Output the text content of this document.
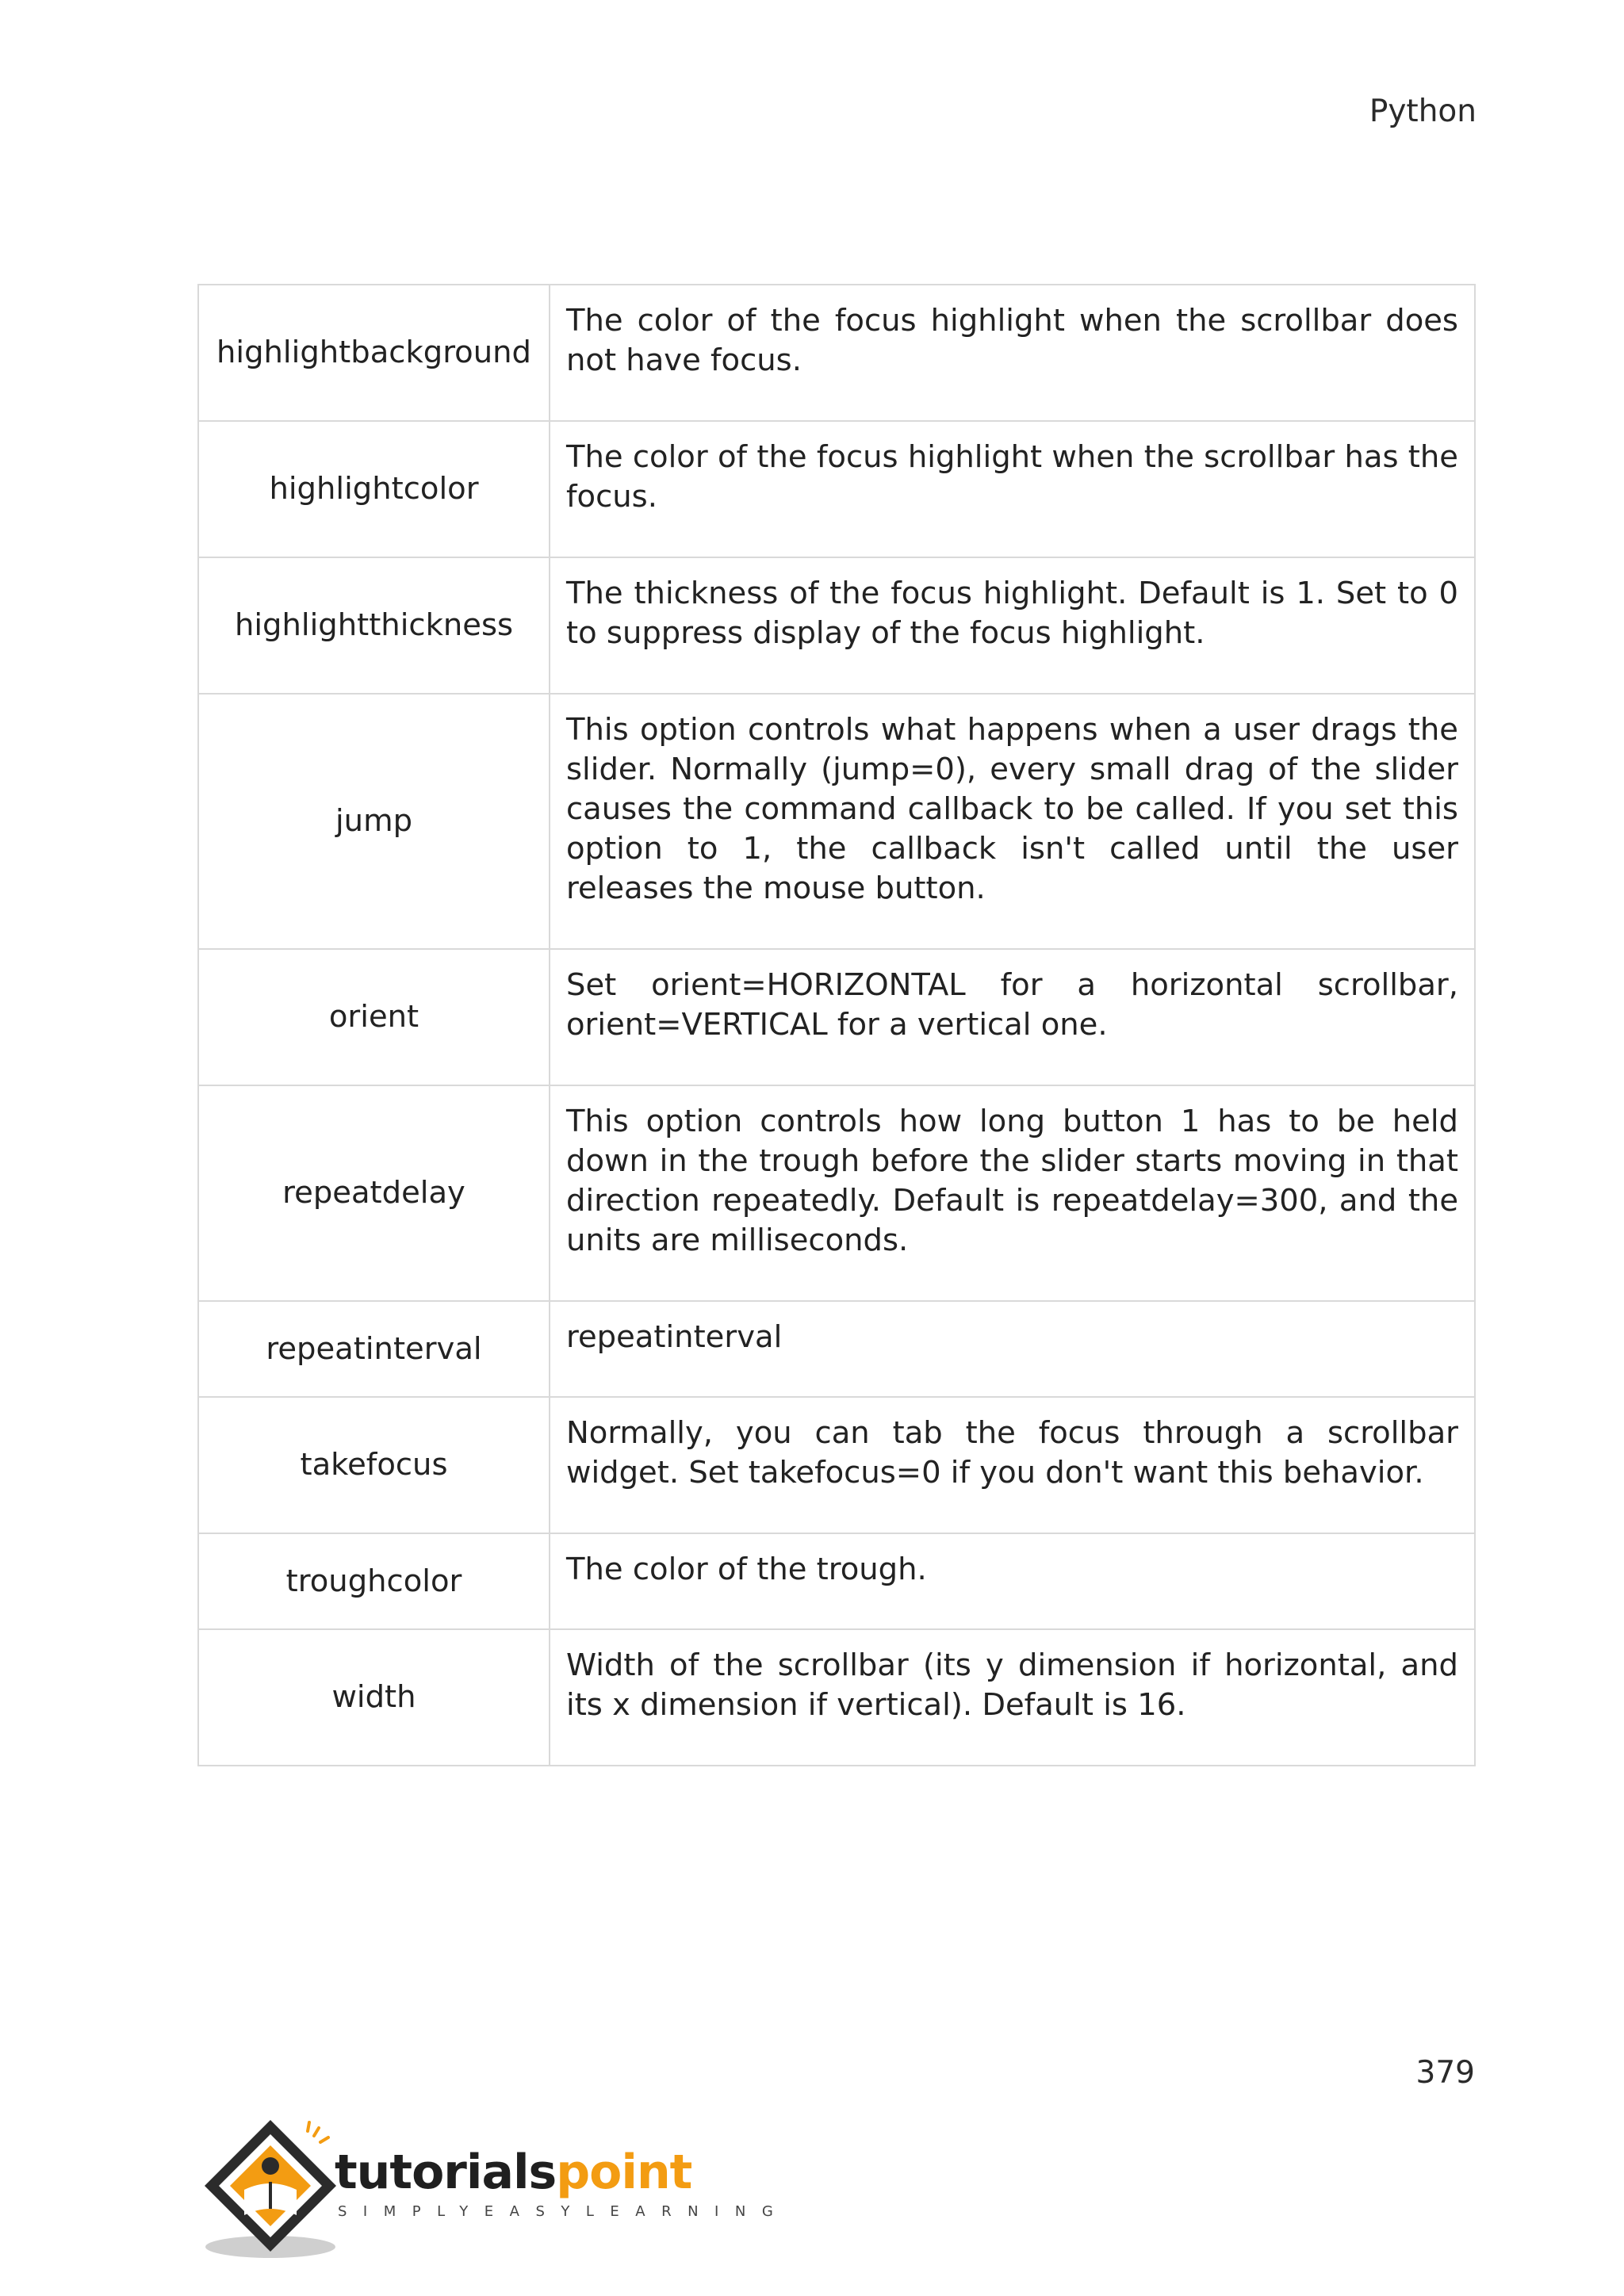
Python
highlightbackground	The color of the focus highlight when the scrollbar does not have focus.
highlightcolor	The color of the focus highlight when the scrollbar has the focus.
highlightthickness	The thickness of the focus highlight. Default is 1. Set to 0 to suppress display of the focus highlight.
jump	This option controls what happens when a user drags the slider. Normally (jump=0), every small drag of the slider causes the command callback to be called. If you set this option to 1, the callback isn't called until the user releases the mouse button.
orient	Set orient=HORIZONTAL for a horizontal scrollbar, orient=VERTICAL for a vertical one.
repeatdelay	This option controls how long button 1 has to be held down in the trough before the slider starts moving in that direction repeatedly. Default is repeatdelay=300, and the units are milliseconds.
repeatinterval	repeatinterval
takefocus	Normally, you can tab the focus through a scrollbar widget. Set takefocus=0 if you don't want this behavior.
troughcolor	The color of the trough.
width	Width of the scrollbar (its y dimension if horizontal, and its x dimension if vertical). Default is 16.
379
tutorialspoint
SIMPLYEASYLEARNING
